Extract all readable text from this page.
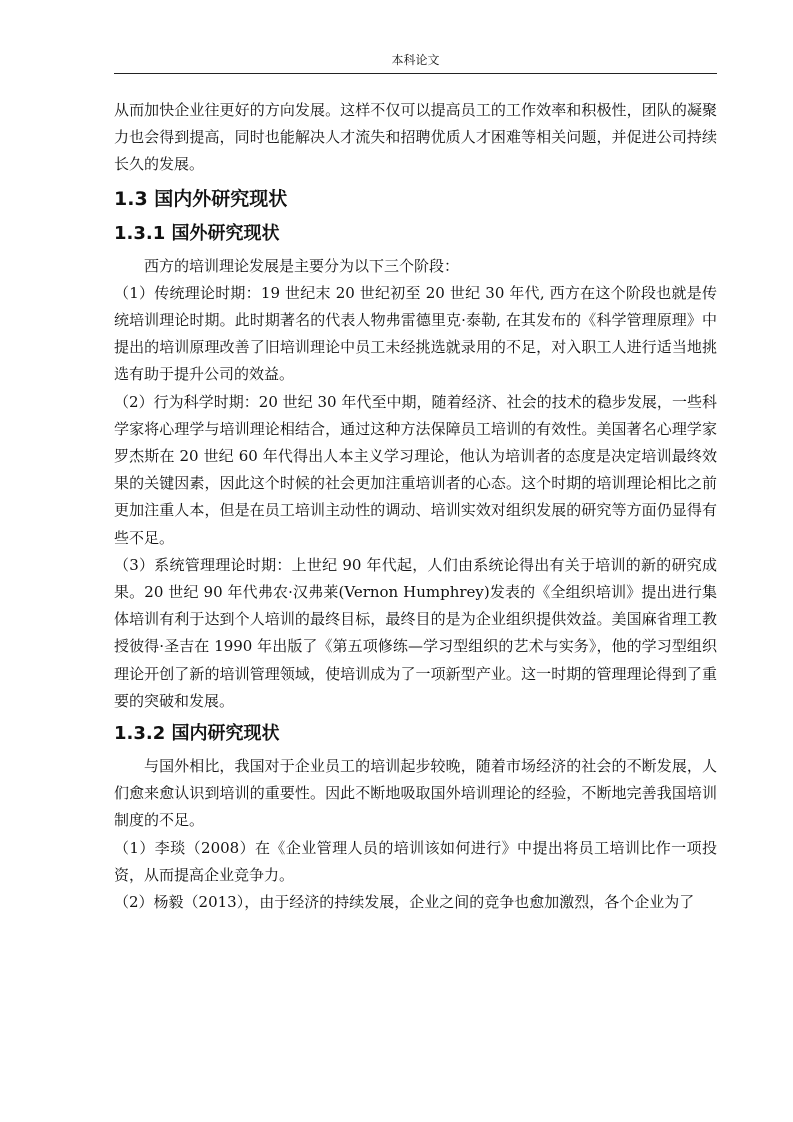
本科论文

从而加快企业往更好的方向发展。这样不仅可以提高员工的工作效率和积极性，团队的凝聚力也会得到提高，同时也能解决人才流失和招聘优质人才困难等相关问题，并促进公司持续长久的发展。

1.3 国内外研究现状
1.3.1 国外研究现状

西方的培训理论发展是主要分为以下三个阶段：

（1）传统理论时期：19 世纪末 20 世纪初至 20 世纪 30 年代, 西方在这个阶段也就是传统培训理论时期。此时期著名的代表人物弗雷德里克·泰勒, 在其发布的《科学管理原理》中提出的培训原理改善了旧培训理论中员工未经挑选就录用的不足，对入职工人进行适当地挑选有助于提升公司的效益。

（2）行为科学时期：20 世纪 30 年代至中期，随着经济、社会的技术的稳步发展，一些科学家将心理学与培训理论相结合，通过这种方法保障员工培训的有效性。美国著名心理学家罗杰斯在 20 世纪 60 年代得出人本主义学习理论，他认为培训者的态度是决定培训最终效果的关键因素，因此这个时候的社会更加注重培训者的心态。这个时期的培训理论相比之前更加注重人本，但是在员工培训主动性的调动、培训实效对组织发展的研究等方面仍显得有些不足。

（3）系统管理理论时期：上世纪 90 年代起，人们由系统论得出有关于培训的新的研究成果。20 世纪 90 年代弗农·汉弗莱(Vernon Humphrey)发表的《全组织培训》提出进行集体培训有利于达到个人培训的最终目标，最终目的是为企业组织提供效益。美国麻省理工教授彼得·圣吉在 1990 年出版了《第五项修练—学习型组织的艺术与实务》，他的学习型组织理论开创了新的培训管理领域，使培训成为了一项新型产业。这一时期的管理理论得到了重要的突破和发展。

1.3.2 国内研究现状

与国外相比，我国对于企业员工的培训起步较晚，随着市场经济的社会的不断发展，人们愈来愈认识到培训的重要性。因此不断地吸取国外培训理论的经验，不断地完善我国培训制度的不足。

（1）李琰（2008）在《企业管理人员的培训该如何进行》中提出将员工培训比作一项投资，从而提高企业竞争力。

（2）杨毅（2013），由于经济的持续发展，企业之间的竞争也愈加激烈，各个企业为了
